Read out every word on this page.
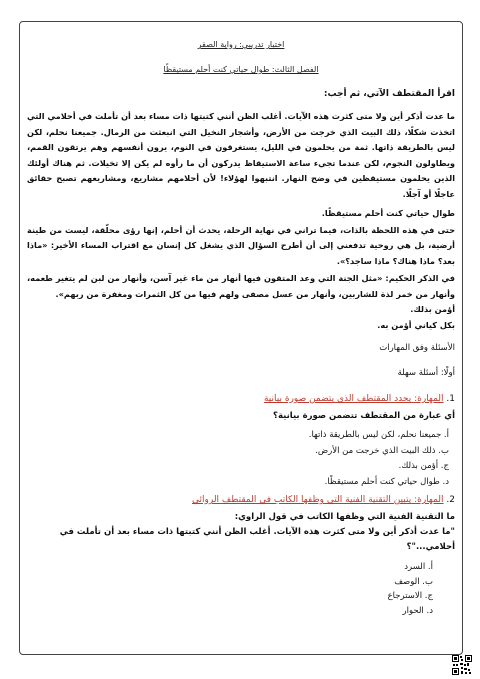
اختبار تدريبي: رواية الصقر
الفصل الثالث: طوال حياتي كنت أحلم مستيقظًا
اقرأ المقتطف الآتي، ثم أجب:
ما عدت أذكر أين ولا متى كثرت هذه الآيات. أغلب الظن أنني كتبتها ذات مساء بعد أن تأملت في أحلامي التي اتخذت شكلًا، ذلك البيت الذي خرجت من الأرض، وأشجار النخيل التي انبعثت من الرمال. جميعنا نحلم، لكن ليس بالطريقة ذاتها. ثمة من يحلمون في الليل، يستغرقون في النوم، يرون أنفسهم وهم يرتقون القمم، ويطاولون النجوم، لكن عندما تجيء ساعة الاستيقاظ يدركون أن ما رأوه لم يكن إلا تخيلات. ثم هناك أولئك الذين يحلمون مستيقظين في وضح النهار. انتبهوا لهؤلاء! لأن أحلامهم مشاريع، ومشاريعهم تصبح حقائق عاجلًا أو آجلًا.
طوال حياتي كنت أحلم مستيقظًا.
حتى في هذه اللحظة بالذات، فيما تراني في نهاية الرحلة، يحدث أن أحلم، إنها رؤى محلّقة، ليست من طينة أرضية، بل هي روحية تدفعني إلى أن أطرح السؤال الذي يشغل كل إنسان مع اقتراب المساء الأخير: «ماذا بعد؟ ماذا هناك؟ ماذا ساجد؟».
في الذكر الحكيم: «مثل الجنة التي وعد المتقون فيها أنهار من ماء غير آسن، وأنهار من لبن لم يتغير طعمه، وأنهار من خمر لذة للشاربين، وأنهار من عسل مصفى ولهم فيها من كل الثمرات ومغفرة من ربهم».
أؤمن بذلك.
بكل كياني أؤمن به.
الأسئلة وفق المهارات
أولًا: أسئلة سهلة
1. المهارة: يحدد المقتطف الذي يتضمن صورة بيانية
أي عبارة من المقتطف تتضمن صورة بيانية؟
أ. جميعنا نحلم، لكن ليس بالطريقة ذاتها.
ب. ذلك البيت الذي خرجت من الأرض.
ج. أؤمن بذلك.
د. طوال حياتي كنت أحلم مستيقظًا.
2. المهارة: يتبين التقنية الفنية التي وظفها الكاتب في المقتطف الروائي
ما التقنية الفنية التي وظفها الكاتب في قول الراوي:
"ما عدت أذكر أين ولا متى كثرت هذه الآيات. أغلب الظن أنني كتبتها ذات مساء بعد أن تأملت في أحلامي..."؟
أ. السرد
ب. الوصف
ج. الاسترجاع
د. الحوار
